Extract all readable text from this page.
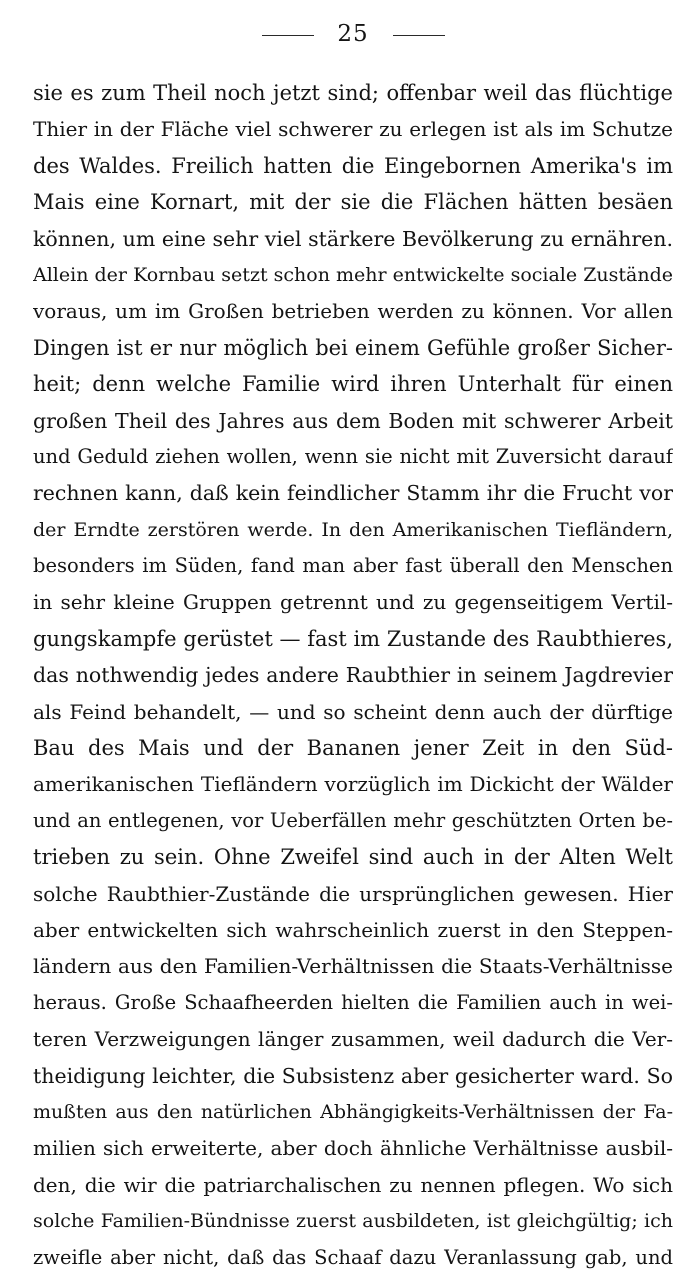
25
sie es zum Theil noch jetzt sind; offenbar weil das flüchtige
Thier in der Fläche viel schwerer zu erlegen ist als im Schutze
des Waldes. Freilich hatten die Eingebornen Amerika's im
Mais eine Kornart, mit der sie die Flächen hätten besäen
können, um eine sehr viel stärkere Bevölkerung zu ernähren.
Allein der Kornbau setzt schon mehr entwickelte sociale Zustände
voraus, um im Großen betrieben werden zu können. Vor allen
Dingen ist er nur möglich bei einem Gefühle großer Sicher-
heit; denn welche Familie wird ihren Unterhalt für einen
großen Theil des Jahres aus dem Boden mit schwerer Arbeit
und Geduld ziehen wollen, wenn sie nicht mit Zuversicht darauf
rechnen kann, daß kein feindlicher Stamm ihr die Frucht vor
der Erndte zerstören werde. In den Amerikanischen Tiefländern,
besonders im Süden, fand man aber fast überall den Menschen
in sehr kleine Gruppen getrennt und zu gegenseitigem Vertil-
gungskampfe gerüstet — fast im Zustande des Raubthieres,
das nothwendig jedes andere Raubthier in seinem Jagdrevier
als Feind behandelt, — und so scheint denn auch der dürftige
Bau des Mais und der Bananen jener Zeit in den Süd-
amerikanischen Tiefländern vorzüglich im Dickicht der Wälder
und an entlegenen, vor Ueberfällen mehr geschützten Orten be-
trieben zu sein. Ohne Zweifel sind auch in der Alten Welt
solche Raubthier-Zustände die ursprünglichen gewesen. Hier
aber entwickelten sich wahrscheinlich zuerst in den Steppen-
ländern aus den Familien-Verhältnissen die Staats-Verhältnisse
heraus. Große Schaafheerden hielten die Familien auch in wei-
teren Verzweigungen länger zusammen, weil dadurch die Ver-
theidigung leichter, die Subsistenz aber gesicherter ward. So
mußten aus den natürlichen Abhängigkeits-Verhältnissen der Fa-
milien sich erweiterte, aber doch ähnliche Verhältnisse ausbil-
den, die wir die patriarchalischen zu nennen pflegen. Wo sich
solche Familien-Bündnisse zuerst ausbildeten, ist gleichgültig; ich
zweifle aber nicht, daß das Schaaf dazu Veranlassung gab, und
